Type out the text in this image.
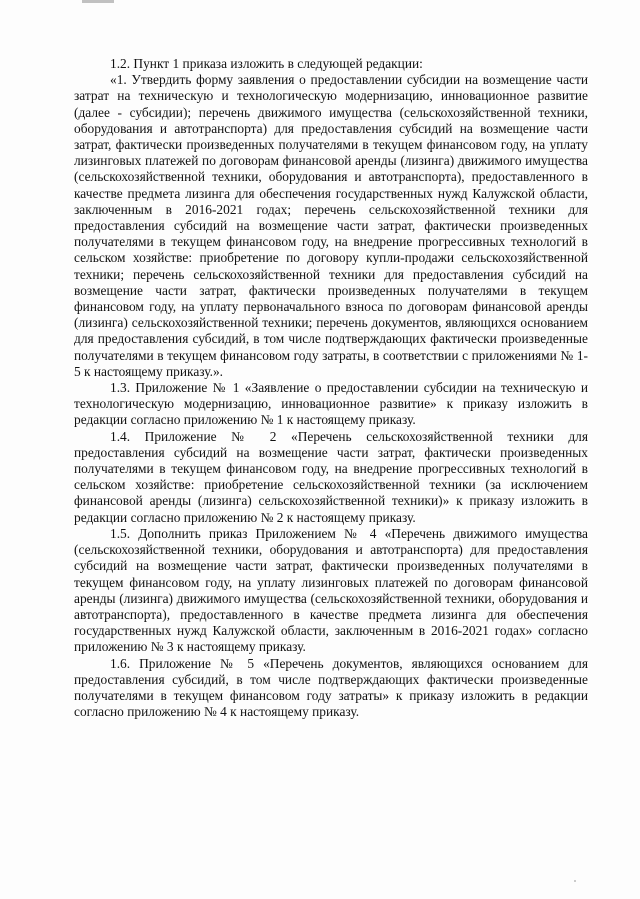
1.2. Пункт 1 приказа изложить в следующей редакции:

«1. Утвердить форму заявления о предоставлении субсидии на возмещение части затрат на техническую и технологическую модернизацию, инновационное развитие (далее - субсидии); перечень движимого имущества (сельскохозяйственной техники, оборудования и автотранспорта) для предоставления субсидий на возмещение части затрат, фактически произведенных получателями в текущем финансовом году, на уплату лизинговых платежей по договорам финансовой аренды (лизинга) движимого имущества (сельскохозяйственной техники, оборудования и автотранспорта), предоставленного в качестве предмета лизинга для обеспечения государственных нужд Калужской области, заключенным в 2016-2021 годах; перечень сельскохозяйственной техники для предоставления субсидий на возмещение части затрат, фактически произведенных получателями в текущем финансовом году, на внедрение прогрессивных технологий в сельском хозяйстве: приобретение по договору купли-продажи сельскохозяйственной техники; перечень сельскохозяйственной техники для предоставления субсидий на возмещение части затрат, фактически произведенных получателями в текущем финансовом году, на уплату первоначального взноса по договорам финансовой аренды (лизинга) сельскохозяйственной техники; перечень документов, являющихся основанием для предоставления субсидий, в том числе подтверждающих фактически произведенные получателями в текущем финансовом году затраты, в соответствии с приложениями № 1- 5 к настоящему приказу.».

1.3. Приложение № 1 «Заявление о предоставлении субсидии на техническую и технологическую модернизацию, инновационное развитие» к приказу изложить в редакции согласно приложению № 1 к настоящему приказу.

1.4. Приложение № 2 «Перечень сельскохозяйственной техники для предоставления субсидий на возмещение части затрат, фактически произведенных получателями в текущем финансовом году, на внедрение прогрессивных технологий в сельском хозяйстве: приобретение сельскохозяйственной техники (за исключением финансовой аренды (лизинга) сельскохозяйственной техники)» к приказу изложить в редакции согласно приложению № 2 к настоящему приказу.

1.5. Дополнить приказ Приложением № 4 «Перечень движимого имущества (сельскохозяйственной техники, оборудования и автотранспорта) для предоставления субсидий на возмещение части затрат, фактически произведенных получателями в текущем финансовом году, на уплату лизинговых платежей по договорам финансовой аренды (лизинга) движимого имущества (сельскохозяйственной техники, оборудования и автотранспорта), предоставленного в качестве предмета лизинга для обеспечения государственных нужд Калужской области, заключенным в 2016-2021 годах» согласно приложению № 3 к настоящему приказу.

1.6. Приложение № 5 «Перечень документов, являющихся основанием для предоставления субсидий, в том числе подтверждающих фактически произведенные получателями в текущем финансовом году затраты» к приказу изложить в редакции согласно приложению № 4 к настоящему приказу.
